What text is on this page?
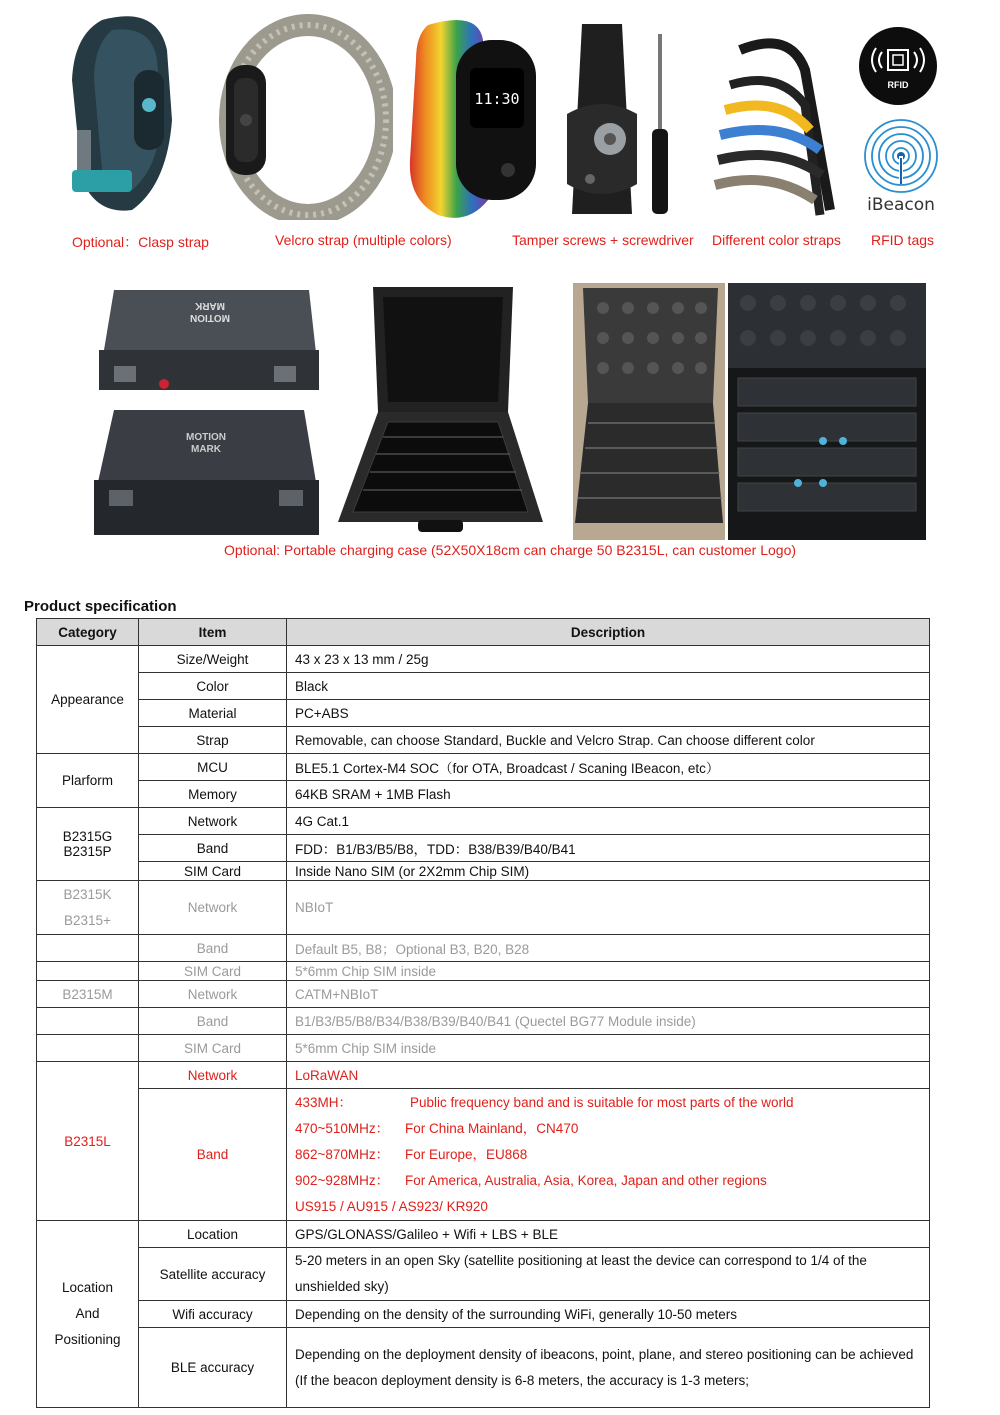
11:30
RFID
iBeacon
Optional：Clasp strap	Velcro strap (multiple colors)	Tamper screws + screwdriver Different color straps RFID tags
MOTION
MARK
MOTION
MARK
Optional: Portable charging case (52X50X18cm can charge 50 B2315L, can customer Logo)
Product specification
Category	Item	Description
Appearance	Size/Weight	43 x 23 x 13 mm / 25g
	Color	Black
	Material	PC+ABS
	Strap	Removable, can choose Standard, Buckle and Velcro Strap. Can choose different color
Plarform	MCU	BLE5.1 Cortex-M4 SOC（for OTA, Broadcast / Scaning IBeacon, etc）
	Memory	64KB SRAM + 1MB Flash

B2315G
B2315P	Network	4G Cat.1
	Band	FDD：B1/B3/B5/B8，TDD：B38/B39/B40/B41
	SIM Card	Inside Nano SIM (or 2X2mm Chip SIM)

B2315K
B2315+	Network	NBIoT
	Band	Default B5, B8；Optional B3, B20, B28
	SIM Card	5*6mm Chip SIM inside
B2315M	Network	CATM+NBIoT
	Band	B1/B3/B5/B8/B34/B38/B39/B40/B41 (Quectel BG77 Module inside)
	SIM Card	5*6mm Chip SIM inside
B2315L	Network	LoRaWAN
	Band	433MH： Public frequency band and is suitable for most parts of the world
470~510MHz： For China Mainland，CN470
862~870MHz： For Europe，EU868
902~928MHz： For America, Australia, Asia, Korea, Japan and other regions
US915 / AU915 / AS923/ KR920

Location
And
Positioning	Location	GPS/GLONASS/Galileo + Wifi + LBS + BLE
	Satellite accuracy	5-20 meters in an open Sky (satellite positioning at least the device can correspond to 1/4 of the unshielded sky)
	Wifi accuracy	Depending on the density of the surrounding WiFi, generally 10-50 meters
	BLE accuracy	Depending on the deployment density of ibeacons, point, plane, and stereo positioning can be achieved
(If the beacon deployment density is 6-8 meters, the accuracy is 1-3 meters;
